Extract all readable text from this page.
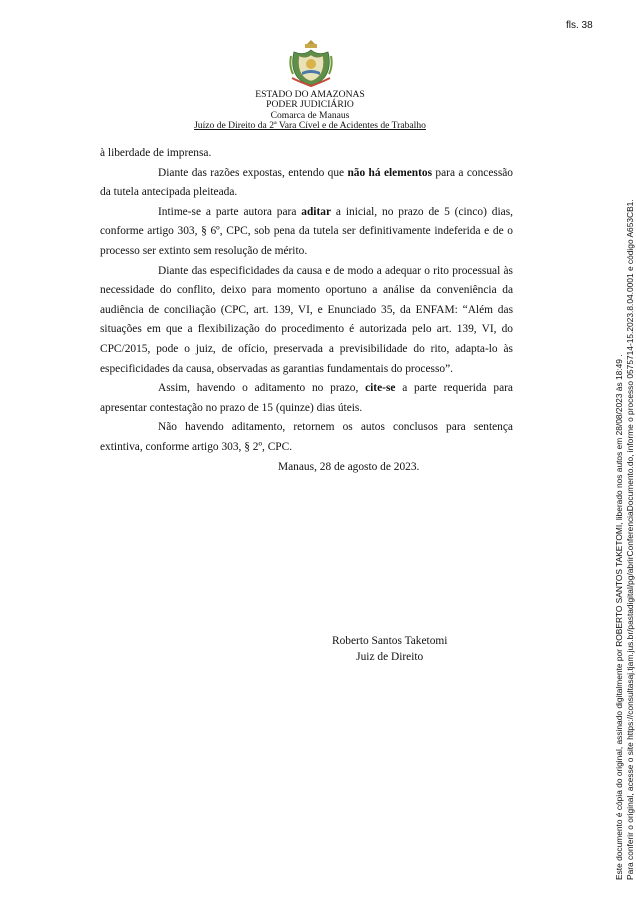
fls. 38
ESTADO DO AMAZONAS
PODER JUDICIÁRIO
Comarca de Manaus
Juízo de Direito da 2ª Vara Cível e de Acidentes de Trabalho

à liberdade de imprensa.

Diante das razões expostas, entendo que não há elementos para a concessão da tutela antecipada pleiteada.

Intime-se a parte autora para aditar a inicial, no prazo de 5 (cinco) dias, conforme artigo 303, § 6º, CPC, sob pena da tutela ser definitivamente indeferida e de o processo ser extinto sem resolução de mérito.

Diante das especificidades da causa e de modo a adequar o rito processual às necessidade do conflito, deixo para momento oportuno a análise da conveniência da audiência de conciliação (CPC, art. 139, VI, e Enunciado 35, da ENFAM: “Além das situações em que a flexibilização do procedimento é autorizada pelo art. 139, VI, do CPC/2015, pode o juiz, de ofício, preservada a previsibilidade do rito, adapta-lo às especificidades da causa, observadas as garantias fundamentais do processo”.

Assim, havendo o aditamento no prazo, cite-se a parte requerida para apresentar contestação no prazo de 15 (quinze) dias úteis.

Não havendo aditamento, retornem os autos conclusos para sentença extintiva, conforme artigo 303, § 2º, CPC.

Manaus, 28 de agosto de 2023.

Roberto Santos Taketomi
Juiz de Direito	Este documento é cópia do original, assinado digitalmente por ROBERTO SANTOS TAKETOMI, liberado nos autos em 28/08/2023 às 18:49 . Para conferir o original, acesse o site https://consultasaj.tjam.jus.br/pastadigital/pg/abrirConferenciaDocumento.do, informe o processo 0575714-15.2023.8.04.0001 e código A653CB1.
